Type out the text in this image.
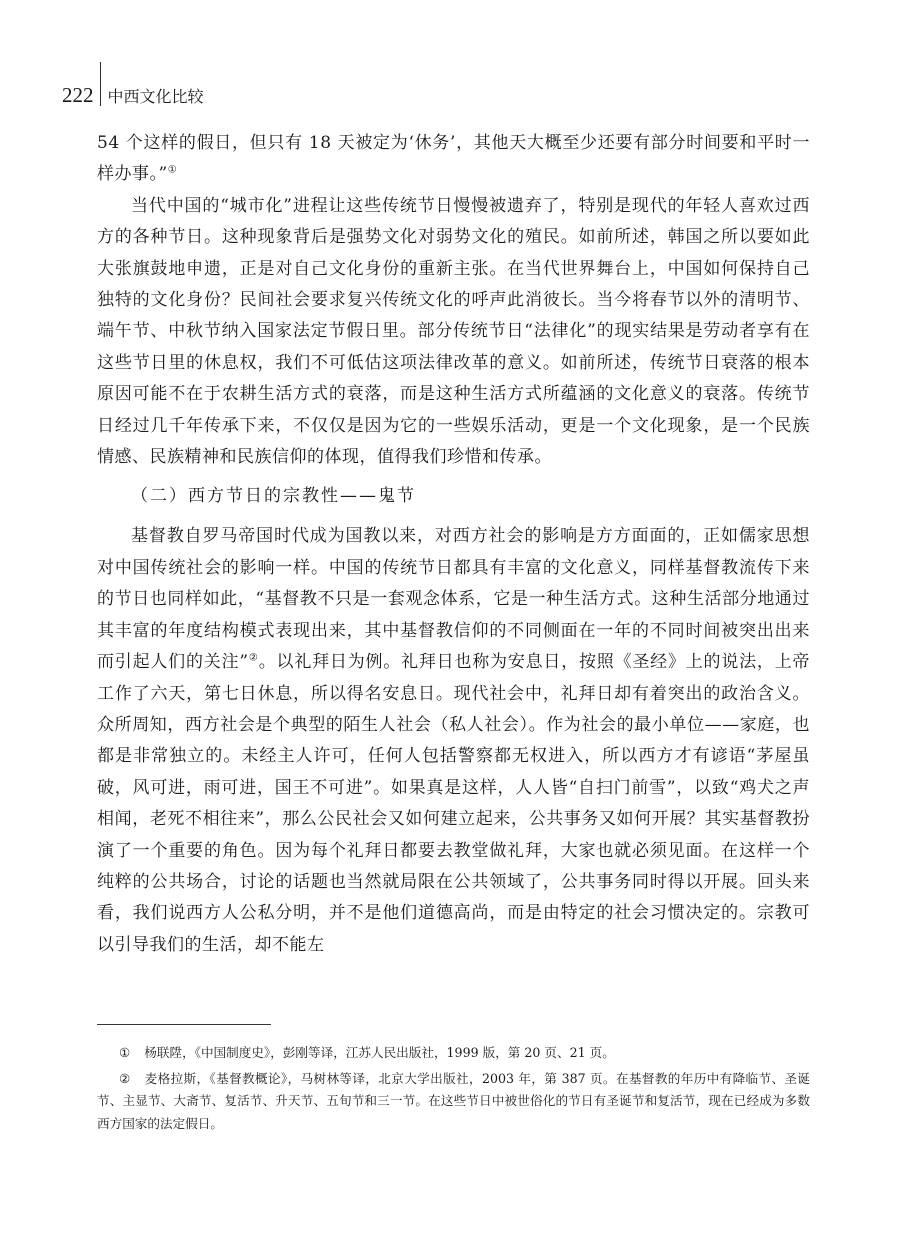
222 中西文化比较

54 个这样的假日，但只有 18 天被定为‘休务’，其他天大概至少还要有部分时间要和平时一样办事。”①

当代中国的“城市化”进程让这些传统节日慢慢被遗弃了，特别是现代的年轻人喜欢过西方的各种节日。这种现象背后是强势文化对弱势文化的殖民。如前所述，韩国之所以要如此大张旗鼓地申遗，正是对自己文化身份的重新主张。在当代世界舞台上，中国如何保持自己独特的文化身份？民间社会要求复兴传统文化的呼声此消彼长。当今将春节以外的清明节、端午节、中秋节纳入国家法定节假日里。部分传统节日“法律化”的现实结果是劳动者享有在这些节日里的休息权，我们不可低估这项法律改革的意义。如前所述，传统节日衰落的根本原因可能不在于农耕生活方式的衰落，而是这种生活方式所蕴涵的文化意义的衰落。传统节日经过几千年传承下来，不仅仅是因为它的一些娱乐活动，更是一个文化现象，是一个民族情感、民族精神和民族信仰的体现，值得我们珍惜和传承。

（二）西方节日的宗教性——鬼节

基督教自罗马帝国时代成为国教以来，对西方社会的影响是方方面面的，正如儒家思想对中国传统社会的影响一样。中国的传统节日都具有丰富的文化意义，同样基督教流传下来的节日也同样如此，“基督教不只是一套观念体系，它是一种生活方式。这种生活部分地通过其丰富的年度结构模式表现出来，其中基督教信仰的不同侧面在一年的不同时间被突出出来而引起人们的关注”②。以礼拜日为例。礼拜日也称为安息日，按照《圣经》上的说法，上帝工作了六天，第七日休息，所以得名安息日。现代社会中，礼拜日却有着突出的政治含义。众所周知，西方社会是个典型的陌生人社会（私人社会）。作为社会的最小单位——家庭，也都是非常独立的。未经主人许可，任何人包括警察都无权进入，所以西方才有谚语“茅屋虽破，风可进，雨可进，国王不可进”。如果真是这样，人人皆“自扫门前雪”，以致“鸡犬之声相闻，老死不相往来”，那么公民社会又如何建立起来，公共事务又如何开展？其实基督教扮演了一个重要的角色。因为每个礼拜日都要去教堂做礼拜，大家也就必须见面。在这样一个纯粹的公共场合，讨论的话题也当然就局限在公共领域了，公共事务同时得以开展。回头来看，我们说西方人公私分明，并不是他们道德高尚，而是由特定的社会习惯决定的。宗教可以引导我们的生活，却不能左

① 杨联陞，《中国制度史》，彭刚等译，江苏人民出版社，1999 版，第 20 页、21 页。

② 麦格拉斯，《基督教概论》，马树林等译，北京大学出版社，2003 年，第 387 页。在基督教的年历中有降临节、圣诞节、主显节、大斋节、复活节、升天节、五旬节和三一节。在这些节日中被世俗化的节日有圣诞节和复活节，现在已经成为多数西方国家的法定假日。
